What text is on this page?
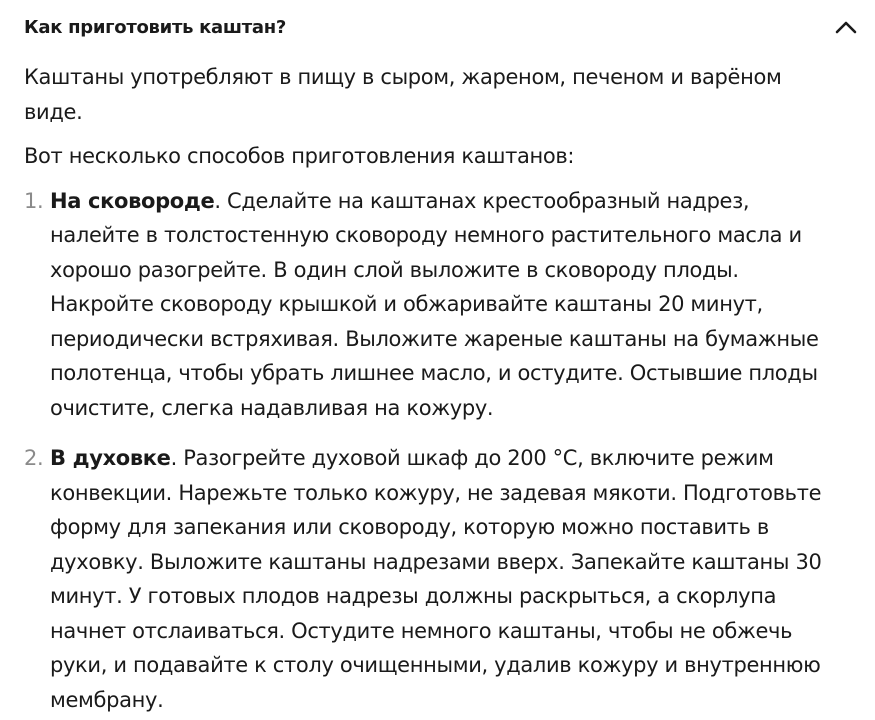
Как приготовить каштан?

Каштаны употребляют в пищу в сыром, жареном, печеном и варёном виде.

Вот несколько способов приготовления каштанов:

1. На сковороде. Сделайте на каштанах крестообразный надрез, налейте в толстостенную сковороду немного растительного масла и хорошо разогрейте. В один слой выложите в сковороду плоды. Накройте сковороду крышкой и обжаривайте каштаны 20 минут, периодически встряхивая. Выложите жареные каштаны на бумажные полотенца, чтобы убрать лишнее масло, и остудите. Остывшие плоды очистите, слегка надавливая на кожуру.
2. В духовке. Разогрейте духовой шкаф до 200 °С, включите режим конвекции. Нарежьте только кожуру, не задевая мякоти. Подготовьте форму для запекания или сковороду, которую можно поставить в духовку. Выложите каштаны надрезами вверх. Запекайте каштаны 30 минут. У готовых плодов надрезы должны раскрыться, а скорлупа начнет отслаиваться. Остудите немного каштаны, чтобы не обжечь руки, и подавайте к столу очищенными, удалив кожуру и внутреннюю мембрану.
